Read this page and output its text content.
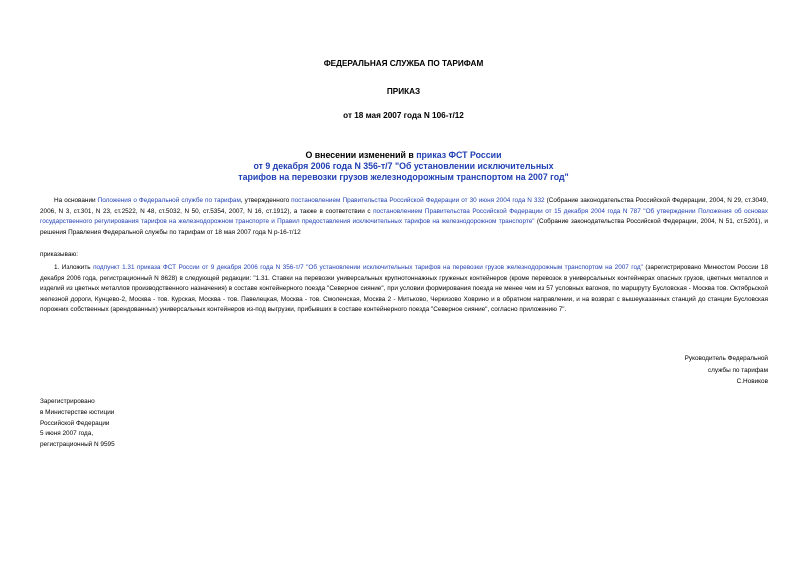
ФЕДЕРАЛЬНАЯ СЛУЖБА ПО ТАРИФАМ
ПРИКАЗ
от 18 мая 2007 года N 106-т/12
О внесении изменений в приказ ФСТ России
от 9 декабря 2006 года N 356-т/7 "Об установлении исключительных
тарифов на перевозки грузов железнодорожным транспортом на 2007 год"
На основании Положения о Федеральной службе по тарифам, утвержденного постановлением Правительства Российской Федерации от 30 июня 2004 года N 332 (Собрание законодательства Российской Федерации, 2004, N 29, ст.3049, 2006, N 3, ст.301, N 23, ст.2522, N 48, ст.5032, N 50, ст.5354, 2007, N 16, ст.1912), а также в соответствии с постановлением Правительства Российской Федерации от 15 декабря 2004 года N 787 "Об утверждении Положения об основах государственного регулирования тарифов на железнодорожном транспорте и Правил предоставления исключительных тарифов на железнодорожном транспорте" (Собрание законодательства Российской Федерации, 2004, N 51, ст.5201), и решения Правления Федеральной службы по тарифам от 18 мая 2007 года N р-16-т/12
приказываю:
1. Изложить подпункт 1.31 приказа ФСТ России от 9 декабря 2006 года N 356-т/7 "Об установлении исключительных тарифов на перевозки грузов железнодорожным транспортом на 2007 год" (зарегистрировано Минюстом России 18 декабря 2006 года, регистрационный N 8628) в следующей редакции: "1.31. Ставки на перевозки универсальных крупнотоннажных груженых контейнеров (кроме перевозок в универсальных контейнерах опасных грузов, цветных металлов и изделий из цветных металлов производственного назначения) в составе контейнерного поезда "Северное сияние", при условии формирования поезда не менее чем из 57 условных вагонов, по маршруту Бусловская - Москва тов. Октябрьской железной дороги, Кунцево-2, Москва - тов. Курская, Москва - тов. Павелецкая, Москва - тов. Смоленская, Москва 2 - Митьково, Черкизово Ховрино и в обратном направлении, и на возврат с вышеуказанных станций до станции Бусловская порожних собственных (арендованных) универсальных контейнеров из-под выгрузки, прибывших в составе контейнерного поезда "Северное сияние", согласно приложению 7".
Руководитель Федеральной
службы по тарифам
С.Новиков
Зарегистрировано
в Министерстве юстиции
Российской Федерации
5 июня 2007 года,
регистрационный N 9595
